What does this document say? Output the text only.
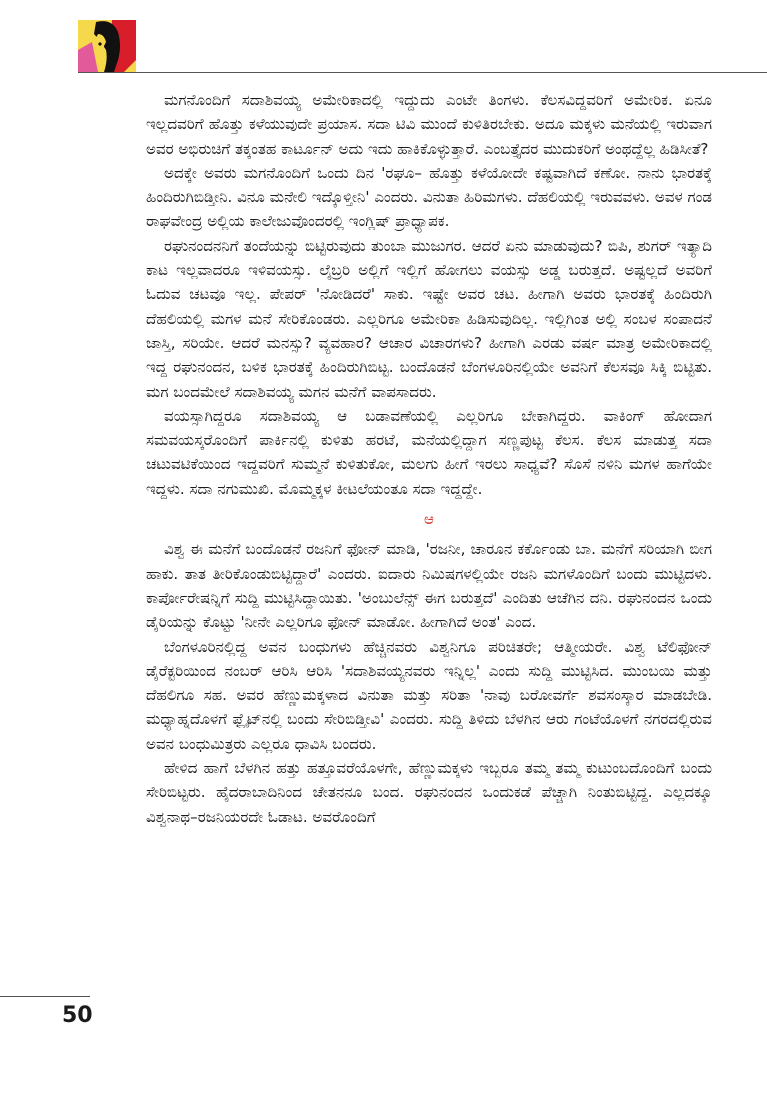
ಮಗನೊಂದಿಗೆ ಸದಾಶಿವಯ್ಯ ಅಮೇರಿಕಾದಲ್ಲಿ ಇದ್ದುದು ಎಂಟೇ ತಿಂಗಳು. ಕೆಲಸವಿದ್ದವರಿಗೆ ಅಮೇರಿಕ. ಏನೂ ಇಲ್ಲದವರಿಗೆ ಹೊತ್ತು ಕಳೆಯುವುದೇ ಪ್ರಯಾಸ. ಸದಾ ಟಿವಿ ಮುಂದೆ ಕುಳಿತಿರಬೇಕು. ಅದೂ ಮಕ್ಕಳು ಮನೆಯಲ್ಲಿ ಇರುವಾಗ ಅವರ ಅಭಿರುಚಿಗೆ ತಕ್ಕಂತಹ ಕಾರ್ಟೂನ್ ಅದು ಇದು ಹಾಕಿಕೊಳ್ಳುತ್ತಾರೆ. ಎಂಬತ್ತೈದರ ಮುದುಕರಿಗೆ ಅಂಥದ್ದೆಲ್ಲ ಹಿಡಿಸೀತೆ?

ಅದಕ್ಕೇ ಅವರು ಮಗನೊಂದಿಗೆ ಒಂದು ದಿನ 'ರಘೂ– ಹೊತ್ತು ಕಳೆಯೋದೇ ಕಷ್ಟವಾಗಿದೆ ಕಣೋ. ನಾನು ಭಾರತಕ್ಕೆ ಹಿಂದಿರುಗಿಬಿಡ್ತೀನಿ. ವಿನೂ ಮನೇಲಿ ಇದ್ಕೊಳ್ತೀನಿ' ಎಂದರು. ವಿನುತಾ ಹಿರಿಮಗಳು. ದೆಹಲಿಯಲ್ಲಿ ಇರುವವಳು. ಅವಳ ಗಂಡ ರಾಘವೇಂದ್ರ ಅಲ್ಲಿಯ ಕಾಲೇಜುವೊಂದರಲ್ಲಿ ಇಂಗ್ಲಿಷ್ ಪ್ರಾಧ್ಯಾಪಕ.

ರಘುನಂದನನಿಗೆ ತಂದೆಯನ್ನು ಬಿಟ್ಟಿರುವುದು ತುಂಬಾ ಮುಜುಗರ. ಆದರೆ ಏನು ಮಾಡುವುದು? ಬಿಪಿ, ಶುಗರ್ ಇತ್ಯಾದಿ ಕಾಟ ಇಲ್ಲವಾದರೂ ಇಳಿವಯಸ್ಸು. ಲೈಬ್ರರಿ ಅಲ್ಲಿಗೆ ಇಲ್ಲಿಗೆ ಹೋಗಲು ವಯಸ್ಸು ಅಡ್ಡ ಬರುತ್ತದೆ. ಅಷ್ಟಲ್ಲದೆ ಅವರಿಗೆ ಓದುವ ಚಟವೂ ಇಲ್ಲ. ಪೇಪರ್ 'ನೋಡಿದರೆ' ಸಾಕು. ಇಷ್ಟೇ ಅವರ ಚಟ. ಹೀಗಾಗಿ ಅವರು ಭಾರತಕ್ಕೆ ಹಿಂದಿರುಗಿ ದೆಹಲಿಯಲ್ಲಿ ಮಗಳ ಮನೆ ಸೇರಿಕೊಂಡರು. ಎಲ್ಲರಿಗೂ ಅಮೇರಿಕಾ ಹಿಡಿಸುವುದಿಲ್ಲ. ಇಲ್ಲಿಗಿಂತ ಅಲ್ಲಿ ಸಂಬಳ ಸಂಪಾದನೆ ಜಾಸ್ತಿ, ಸರಿಯೇ. ಆದರೆ ಮನಸ್ಸು? ವ್ಯವಹಾರ? ಆಚಾರ ವಿಚಾರಗಳು? ಹೀಗಾಗಿ ಎರಡು ವರ್ಷ ಮಾತ್ರ ಅಮೇರಿಕಾದಲ್ಲಿ ಇದ್ದ ರಘುನಂದನ, ಬಳಿಕ ಭಾರತಕ್ಕೆ ಹಿಂದಿರುಗಿಬಿಟ್ಟ. ಬಂದೊಡನೆ ಬೆಂಗಳೂರಿನಲ್ಲಿಯೇ ಅವನಿಗೆ ಕೆಲಸವೂ ಸಿಕ್ಕಿ ಬಿಟ್ಟಿತು. ಮಗ ಬಂದಮೇಲೆ ಸದಾಶಿವಯ್ಯ ಮಗನ ಮನೆಗೆ ವಾಪಸಾದರು.

ವಯಸ್ಸಾಗಿದ್ದರೂ ಸದಾಶಿವಯ್ಯ ಆ ಬಡಾವಣೆಯಲ್ಲಿ ಎಲ್ಲರಿಗೂ ಬೇಕಾಗಿದ್ದರು. ವಾಕಿಂಗ್ ಹೋದಾಗ ಸಮವಯಸ್ಕರೊಂದಿಗೆ ಪಾರ್ಕಿನಲ್ಲಿ ಕುಳಿತು ಹರಟೆ, ಮನೆಯಲ್ಲಿದ್ದಾಗ ಸಣ್ಣಪುಟ್ಟ ಕೆಲಸ. ಕೆಲಸ ಮಾಡುತ್ತ ಸದಾ ಚಟುವಟಿಕೆಯಿಂದ ಇದ್ದವರಿಗೆ ಸುಮ್ಮನೆ ಕುಳಿತುಕೋ, ಮಲಗು ಹೀಗೆ ಇರಲು ಸಾಧ್ಯವೆ? ಸೊಸೆ ನಳಿನಿ ಮಗಳ ಹಾಗೆಯೇ ಇದ್ದಳು. ಸದಾ ನಗುಮುಖಿ. ಮೊಮ್ಮಕ್ಕಳ ಕೀಟಲೆಯಂತೂ ಸದಾ ಇದ್ದದ್ದೇ.

ಆ

ವಿಶ್ವ ಈ ಮನೆಗೆ ಬಂದೊಡನೆ ರಜನಿಗೆ ಫೋನ್ ಮಾಡಿ, 'ರಜನೀ, ಚಾರೂನ ಕರ್ಕೊಂಡು ಬಾ. ಮನೆಗೆ ಸರಿಯಾಗಿ ಬೀಗ ಹಾಕು. ತಾತ ತೀರಿಕೊಂಡುಬಿಟ್ಟಿದ್ದಾರೆ' ಎಂದರು. ಐದಾರು ನಿಮಿಷಗಳಲ್ಲಿಯೇ ರಜನಿ ಮಗಳೊಂದಿಗೆ ಬಂದು ಮುಟ್ಟಿದಳು. ಕಾರ್ಪೋರೇಷನ್ನಿಗೆ ಸುದ್ದಿ ಮುಟ್ಟಿಸಿದ್ದಾಯಿತು. 'ಅಂಬುಲೆನ್ಸ್ ಈಗ ಬರುತ್ತದೆ' ಎಂದಿತು ಆಚೆಗಿನ ದನಿ. ರಘುನಂದನ ಒಂದು ಡೈರಿಯನ್ನು ಕೊಟ್ಟು 'ನೀನೇ ಎಲ್ಲರಿಗೂ ಫೋನ್ ಮಾಡೋ. ಹೀಗಾಗಿದೆ ಅಂತ' ಎಂದ.

ಬೆಂಗಳೂರಿನಲ್ಲಿದ್ದ ಅವನ ಬಂಧುಗಳು ಹೆಚ್ಚಿನವರು ವಿಶ್ವನಿಗೂ ಪರಿಚಿತರೇ; ಆತ್ಮೀಯರೇ. ವಿಶ್ವ ಟೆಲಿಫೋನ್ ಡೈರೆಕ್ಟರಿಯಿಂದ ನಂಬರ್ ಆರಿಸಿ ಆರಿಸಿ 'ಸದಾಶಿವಯ್ಯನವರು ಇನ್ನಿಲ್ಲ' ಎಂದು ಸುದ್ದಿ ಮುಟ್ಟಿಸಿದ. ಮುಂಬಯಿ ಮತ್ತು ದೆಹಲಿಗೂ ಸಹ. ಅವರ ಹೆಣ್ಣುಮಕ್ಕಳಾದ ವಿನುತಾ ಮತ್ತು ಸರಿತಾ 'ನಾವು ಬರೋವರ್ಗೆ ಶವಸಂಸ್ಕಾರ ಮಾಡಬೇಡಿ. ಮಧ್ಯಾಹ್ನದೊಳಗೆ ಫ್ಲೈಟ್‌ನಲ್ಲಿ ಬಂದು ಸೇರಿಬಿಡ್ತೀವಿ' ಎಂದರು. ಸುದ್ದಿ ತಿಳಿದು ಬೆಳಗಿನ ಆರು ಗಂಟೆಯೊಳಗೆ ನಗರದಲ್ಲಿರುವ ಅವನ ಬಂಧುಮಿತ್ರರು ಎಲ್ಲರೂ ಧಾವಿಸಿ ಬಂದರು.

ಹೇಳಿದ ಹಾಗೆ ಬೆಳಗಿನ ಹತ್ತು ಹತ್ತೂವರೆಯೊಳಗೇ, ಹೆಣ್ಣುಮಕ್ಕಳು ಇಬ್ಬರೂ ತಮ್ಮ ತಮ್ಮ ಕುಟುಂಬದೊಂದಿಗೆ ಬಂದು ಸೇರಿಬಿಟ್ಟರು. ಹೈದರಾಬಾದಿನಿಂದ ಚೇತನನೂ ಬಂದ. ರಘುನಂದನ ಒಂದುಕಡೆ ಪೆಚ್ಚಾಗಿ ನಿಂತುಬಿಟ್ಟಿದ್ದ. ಎಲ್ಲದಕ್ಕೂ ವಿಶ್ವನಾಥ–ರಜನಿಯರದೇ ಓಡಾಟ. ಅವರೊಂದಿಗೆ

50
